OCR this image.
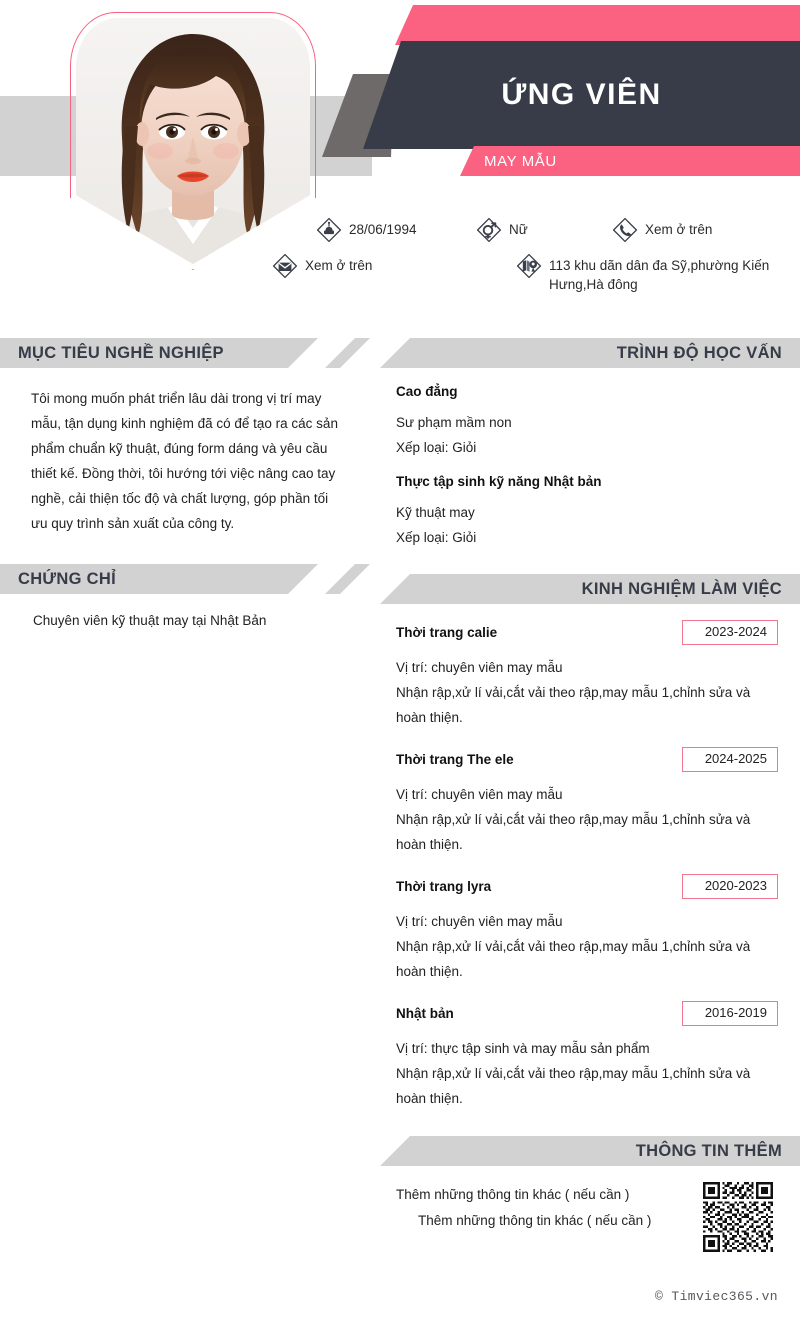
ỨNG VIÊN
MAY MẪU
28/06/1994	Nữ	Xem ở trên
Xem ở trên	113 khu dãn dân đa Sỹ,phường Kiến Hưng,Hà đông
MỤC TIÊU NGHỀ NGHIỆP
Tôi mong muốn phát triển lâu dài trong vị trí may mẫu, tận dụng kinh nghiệm đã có để tạo ra các sản phẩm chuẩn kỹ thuật, đúng form dáng và yêu cầu thiết kế. Đồng thời, tôi hướng tới việc nâng cao tay nghề, cải thiện tốc độ và chất lượng, góp phần tối ưu quy trình sản xuất của công ty.
CHỨNG CHỈ
Chuyên viên kỹ thuật may tại Nhật Bản
TRÌNH ĐỘ HỌC VẤN
Cao đẳng
Sư phạm mầm non
Xếp loại: Giỏi
Thực tập sinh kỹ năng Nhật bản
Kỹ thuật may
Xếp loại: Giỏi
KINH NGHIỆM LÀM VIỆC
Thời trang calie	2023-2024
Vị trí: chuyên viên may mẫu
Nhận rập,xử lí vải,cắt vải theo rập,may mẫu 1,chỉnh sửa và hoàn thiện.
Thời trang The ele	2024-2025
Vị trí: chuyên viên may mẫu
Nhận rập,xử lí vải,cắt vải theo rập,may mẫu 1,chỉnh sửa và hoàn thiện.
Thời trang lyra	2020-2023
Vị trí: chuyên viên may mẫu
Nhận rập,xử lí vải,cắt vải theo rập,may mẫu 1,chỉnh sửa và hoàn thiện.
Nhật bản	2016-2019
Vị trí: thực tập sinh và may mẫu sản phẩm
Nhận rập,xử lí vải,cắt vải theo rập,may mẫu 1,chỉnh sửa và hoàn thiện.
THÔNG TIN THÊM
Thêm những thông tin khác ( nếu cần )
Thêm những thông tin khác ( nếu cần )
© Timviec365.vn
